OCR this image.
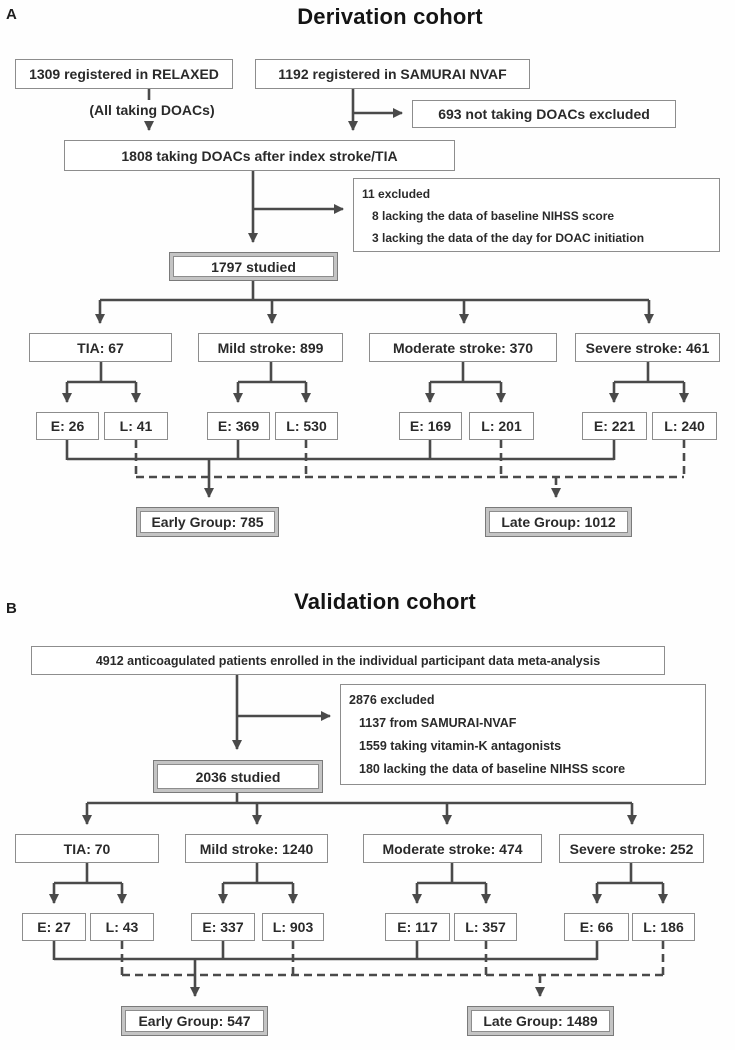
A	Derivation cohort
1309 registered in RELAXED	1192 registered in SAMURAI NVAF
(All taking DOACs)	693 not taking DOACs excluded
1808 taking DOACs after index stroke/TIA
11 excluded
8 lacking the data of baseline NIHSS score
3 lacking the data of the day for DOAC initiation
1797 studied
TIA: 67	Mild stroke: 899	Moderate stroke: 370	Severe stroke: 461
E: 26	L: 41	E: 369	L: 530	E: 169	L: 201	E: 221	L: 240
Early Group: 785	Late Group: 1012
B	Validation cohort
4912 anticoagulated patients enrolled in the individual participant data meta-analysis
2876 excluded
1137 from SAMURAI-NVAF
1559 taking vitamin-K antagonists
180 lacking the data of baseline NIHSS score
2036 studied
TIA: 70	Mild stroke: 1240	Moderate stroke: 474	Severe stroke: 252
E: 27	L: 43	E: 337	L: 903	E: 117	L: 357	E: 66	L: 186
Early Group: 547	Late Group: 1489
